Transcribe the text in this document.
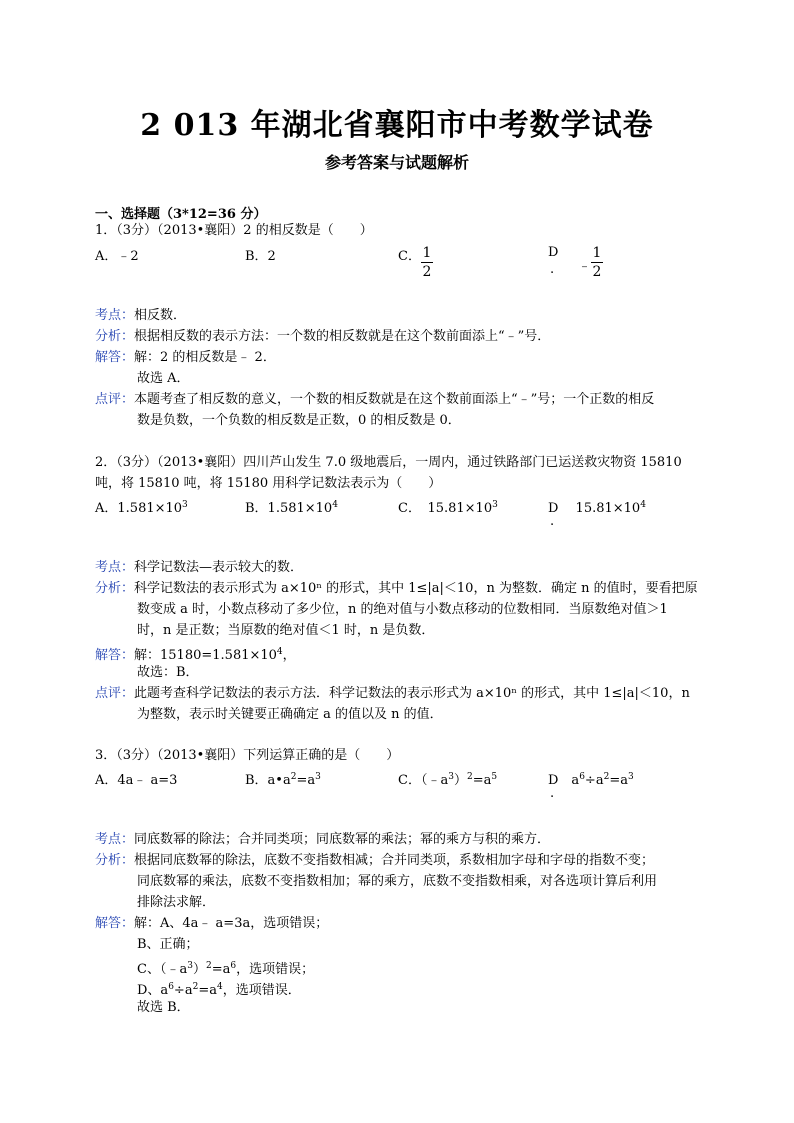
2 013 年湖北省襄阳市中考数学试卷
参考答案与试题解析
一、选择题（3*12=36 分）
1．（3分）（2013•襄阳）2 的相反数是（　　）
A．﹣2	B．2	C． $\frac{1}{2}$	D
﹣ $\frac{1}{2}$
.
考点：相反数．
分析：根据相反数的表示方法：一个数的相反数就是在这个数前面添上“﹣”号．
解答：解：2 的相反数是﹣ 2．
故选 A．
点评：本题考查了相反数的意义，一个数的相反数就是在这个数前面添上“﹣”号；一个正数的相反
数是负数，一个负数的相反数是正数，0 的相反数是 0．
2．（3分）（2013•襄阳）四川芦山发生 7.0 级地震后，一周内，通过铁路部门已运送救灾物资 15810
吨，将 15810 吨，将 15180 用科学记数法表示为（　　）
A．$1.581\times 10^3$	B．$1.581\times 10^4$	C．　$15.81\times 10^3$	D　 $15.81\times 10^4$
.
考点：科学记数法—表示较大的数．
分析：科学记数法的表示形式为 a×10ⁿ 的形式，其中 1≤|a|＜10，n 为整数．确定 n 的值时，要看把原
数变成 a 时，小数点移动了多少位，n 的绝对值与小数点移动的位数相同．当原数绝对值＞1
时，n 是正数；当原数的绝对值＜1 时，n 是负数．
解答：解：$15180=1.581\times 10^4$，
故选：B．
点评：此题考查科学记数法的表示方法．科学记数法的表示形式为 a×10ⁿ 的形式，其中 1≤|a|＜10，n
为整数，表示时关键要正确确定 a 的值以及 n 的值．
3．（3分）（2013•襄阳）下列运算正确的是（　　）
A．4a﹣ a=3	B．$a•a^2=a^3$	C．$(﹣a^3)^2=a^5$	D　$a^6\div a^2=a^3$
.
考点：同底数幂的除法；合并同类项；同底数幂的乘法；幂的乘方与积的乘方．
分析：根据同底数幂的除法，底数不变指数相减；合并同类项，系数相加字母和字母的指数不变；
同底数幂的乘法，底数不变指数相加；幂的乘方，底数不变指数相乘，对各选项计算后利用
排除法求解．
解答：解：A、4a﹣ a=3a，选项错误；
B、正确；
C、$(﹣a^3)^2=a^6$，选项错误；
D、$a^6\div a^2=a^4$，选项错误．
故选 B．
